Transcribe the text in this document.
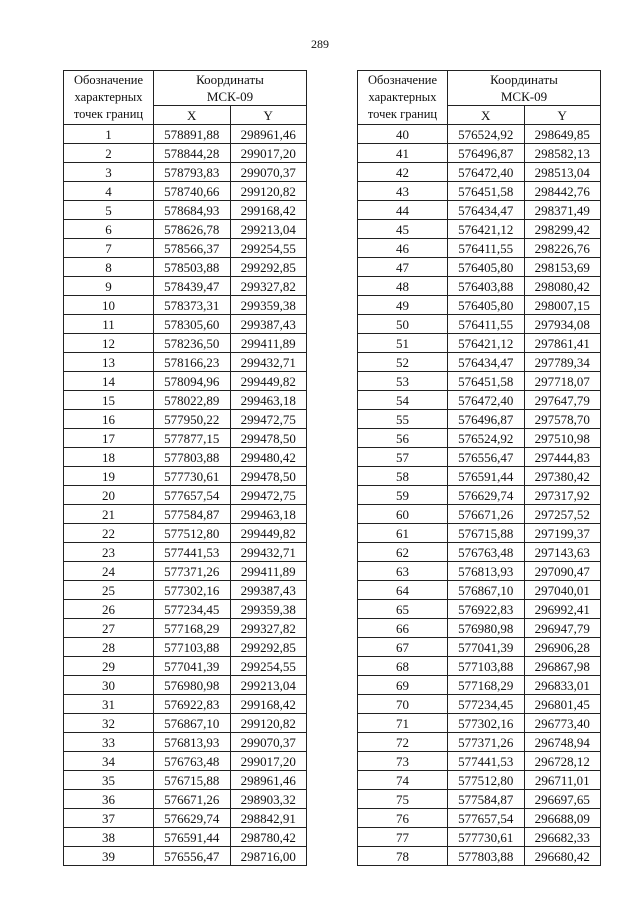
289
Обозначение
характерных
точек границ	Координаты
МСК-09	
	X	Y
1	578891,88	298961,46
2	578844,28	299017,20
3	578793,83	299070,37
4	578740,66	299120,82
5	578684,93	299168,42
6	578626,78	299213,04
7	578566,37	299254,55
8	578503,88	299292,85
9	578439,47	299327,82
10	578373,31	299359,38
11	578305,60	299387,43
12	578236,50	299411,89
13	578166,23	299432,71
14	578094,96	299449,82
15	578022,89	299463,18
16	577950,22	299472,75
17	577877,15	299478,50
18	577803,88	299480,42
19	577730,61	299478,50
20	577657,54	299472,75
21	577584,87	299463,18
22	577512,80	299449,82
23	577441,53	299432,71
24	577371,26	299411,89
25	577302,16	299387,43
26	577234,45	299359,38
27	577168,29	299327,82
28	577103,88	299292,85
29	577041,39	299254,55
30	576980,98	299213,04
31	576922,83	299168,42
32	576867,10	299120,82
33	576813,93	299070,37
34	576763,48	299017,20
35	576715,88	298961,46
36	576671,26	298903,32
37	576629,74	298842,91
38	576591,44	298780,42
39	576556,47	298716,00
Обозначение
характерных
точек границ	Координаты
МСК-09	
	X	Y
40	576524,92	298649,85
41	576496,87	298582,13
42	576472,40	298513,04
43	576451,58	298442,76
44	576434,47	298371,49
45	576421,12	298299,42
46	576411,55	298226,76
47	576405,80	298153,69
48	576403,88	298080,42
49	576405,80	298007,15
50	576411,55	297934,08
51	576421,12	297861,41
52	576434,47	297789,34
53	576451,58	297718,07
54	576472,40	297647,79
55	576496,87	297578,70
56	576524,92	297510,98
57	576556,47	297444,83
58	576591,44	297380,42
59	576629,74	297317,92
60	576671,26	297257,52
61	576715,88	297199,37
62	576763,48	297143,63
63	576813,93	297090,47
64	576867,10	297040,01
65	576922,83	296992,41
66	576980,98	296947,79
67	577041,39	296906,28
68	577103,88	296867,98
69	577168,29	296833,01
70	577234,45	296801,45
71	577302,16	296773,40
72	577371,26	296748,94
73	577441,53	296728,12
74	577512,80	296711,01
75	577584,87	296697,65
76	577657,54	296688,09
77	577730,61	296682,33
78	577803,88	296680,42
